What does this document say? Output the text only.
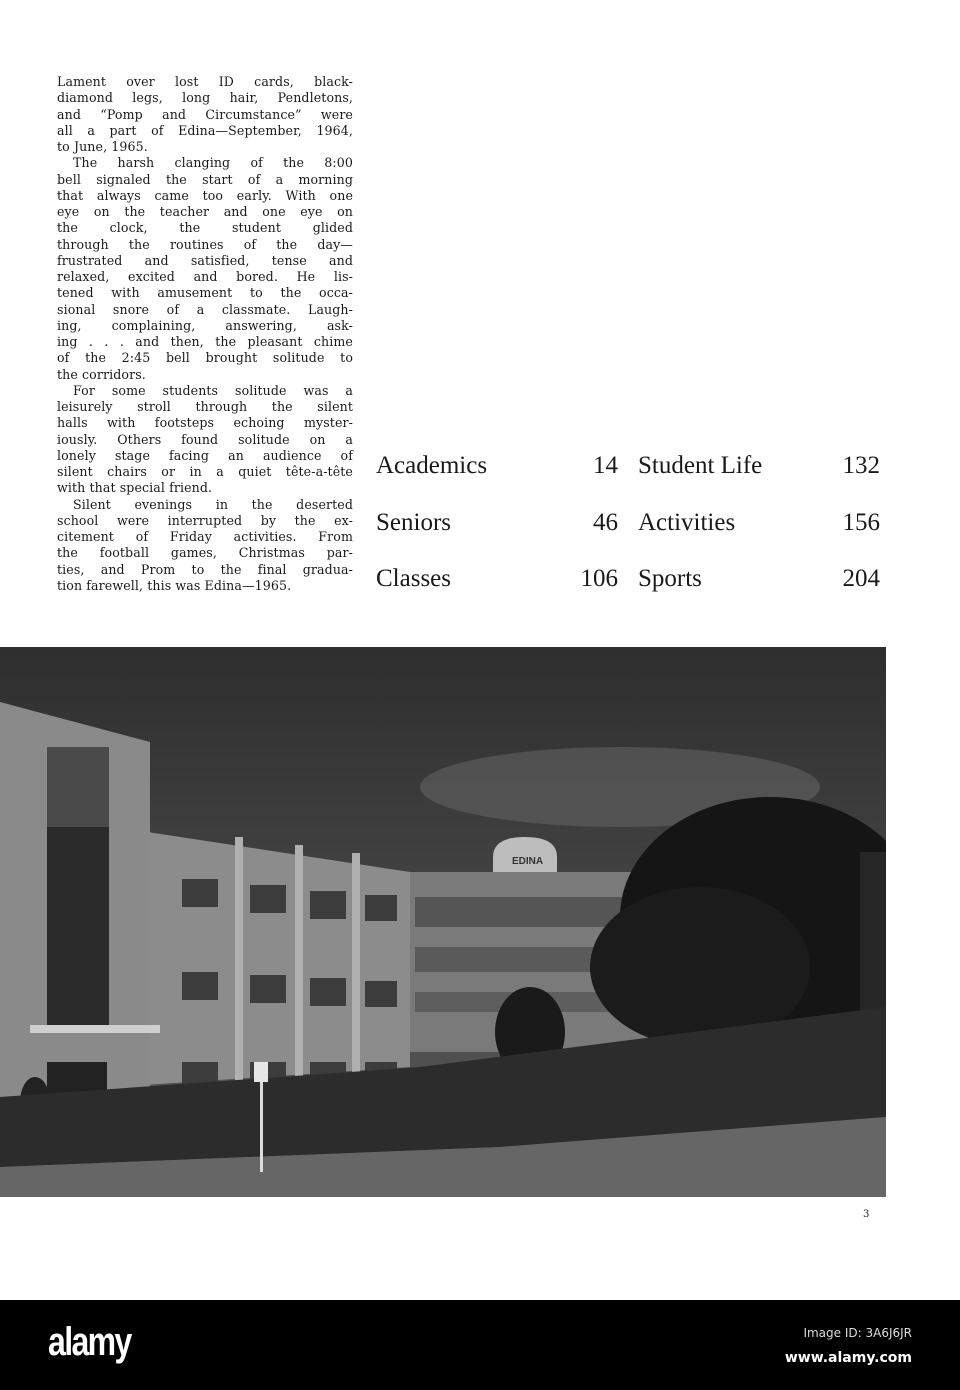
Lament over lost ID cards, black-
diamond legs, long hair, Pendletons,
and “Pomp and Circumstance” were
all a part of Edina—September, 1964,
to June, 1965.
The harsh clanging of the 8:00
bell signaled the start of a morning
that always came too early. With one
eye on the teacher and one eye on
the clock, the student glided
through the routines of the day—
frustrated and satisfied, tense and
relaxed, excited and bored. He lis-
tened with amusement to the occa-
sional snore of a classmate. Laugh-
ing, complaining, answering, ask-
ing . . . and then, the pleasant chime
of the 2:45 bell brought solitude to
the corridors.
For some students solitude was a
leisurely stroll through the silent
halls with footsteps echoing myster-
iously. Others found solitude on a
lonely stage facing an audience of
silent chairs or in a quiet tête-a-tête
with that special friend.
Silent evenings in the deserted
school were interrupted by the ex-
citement of Friday activities. From
the football games, Christmas par-
ties, and Prom to the final gradua-
tion farewell, this was Edina—1965.
Academics	14 Student Life	132
Seniors	46 Activities	156
Classes	106 Sports	204
EDINA
3
alamy	Image ID: 3A6J6JR
www.alamy.com
